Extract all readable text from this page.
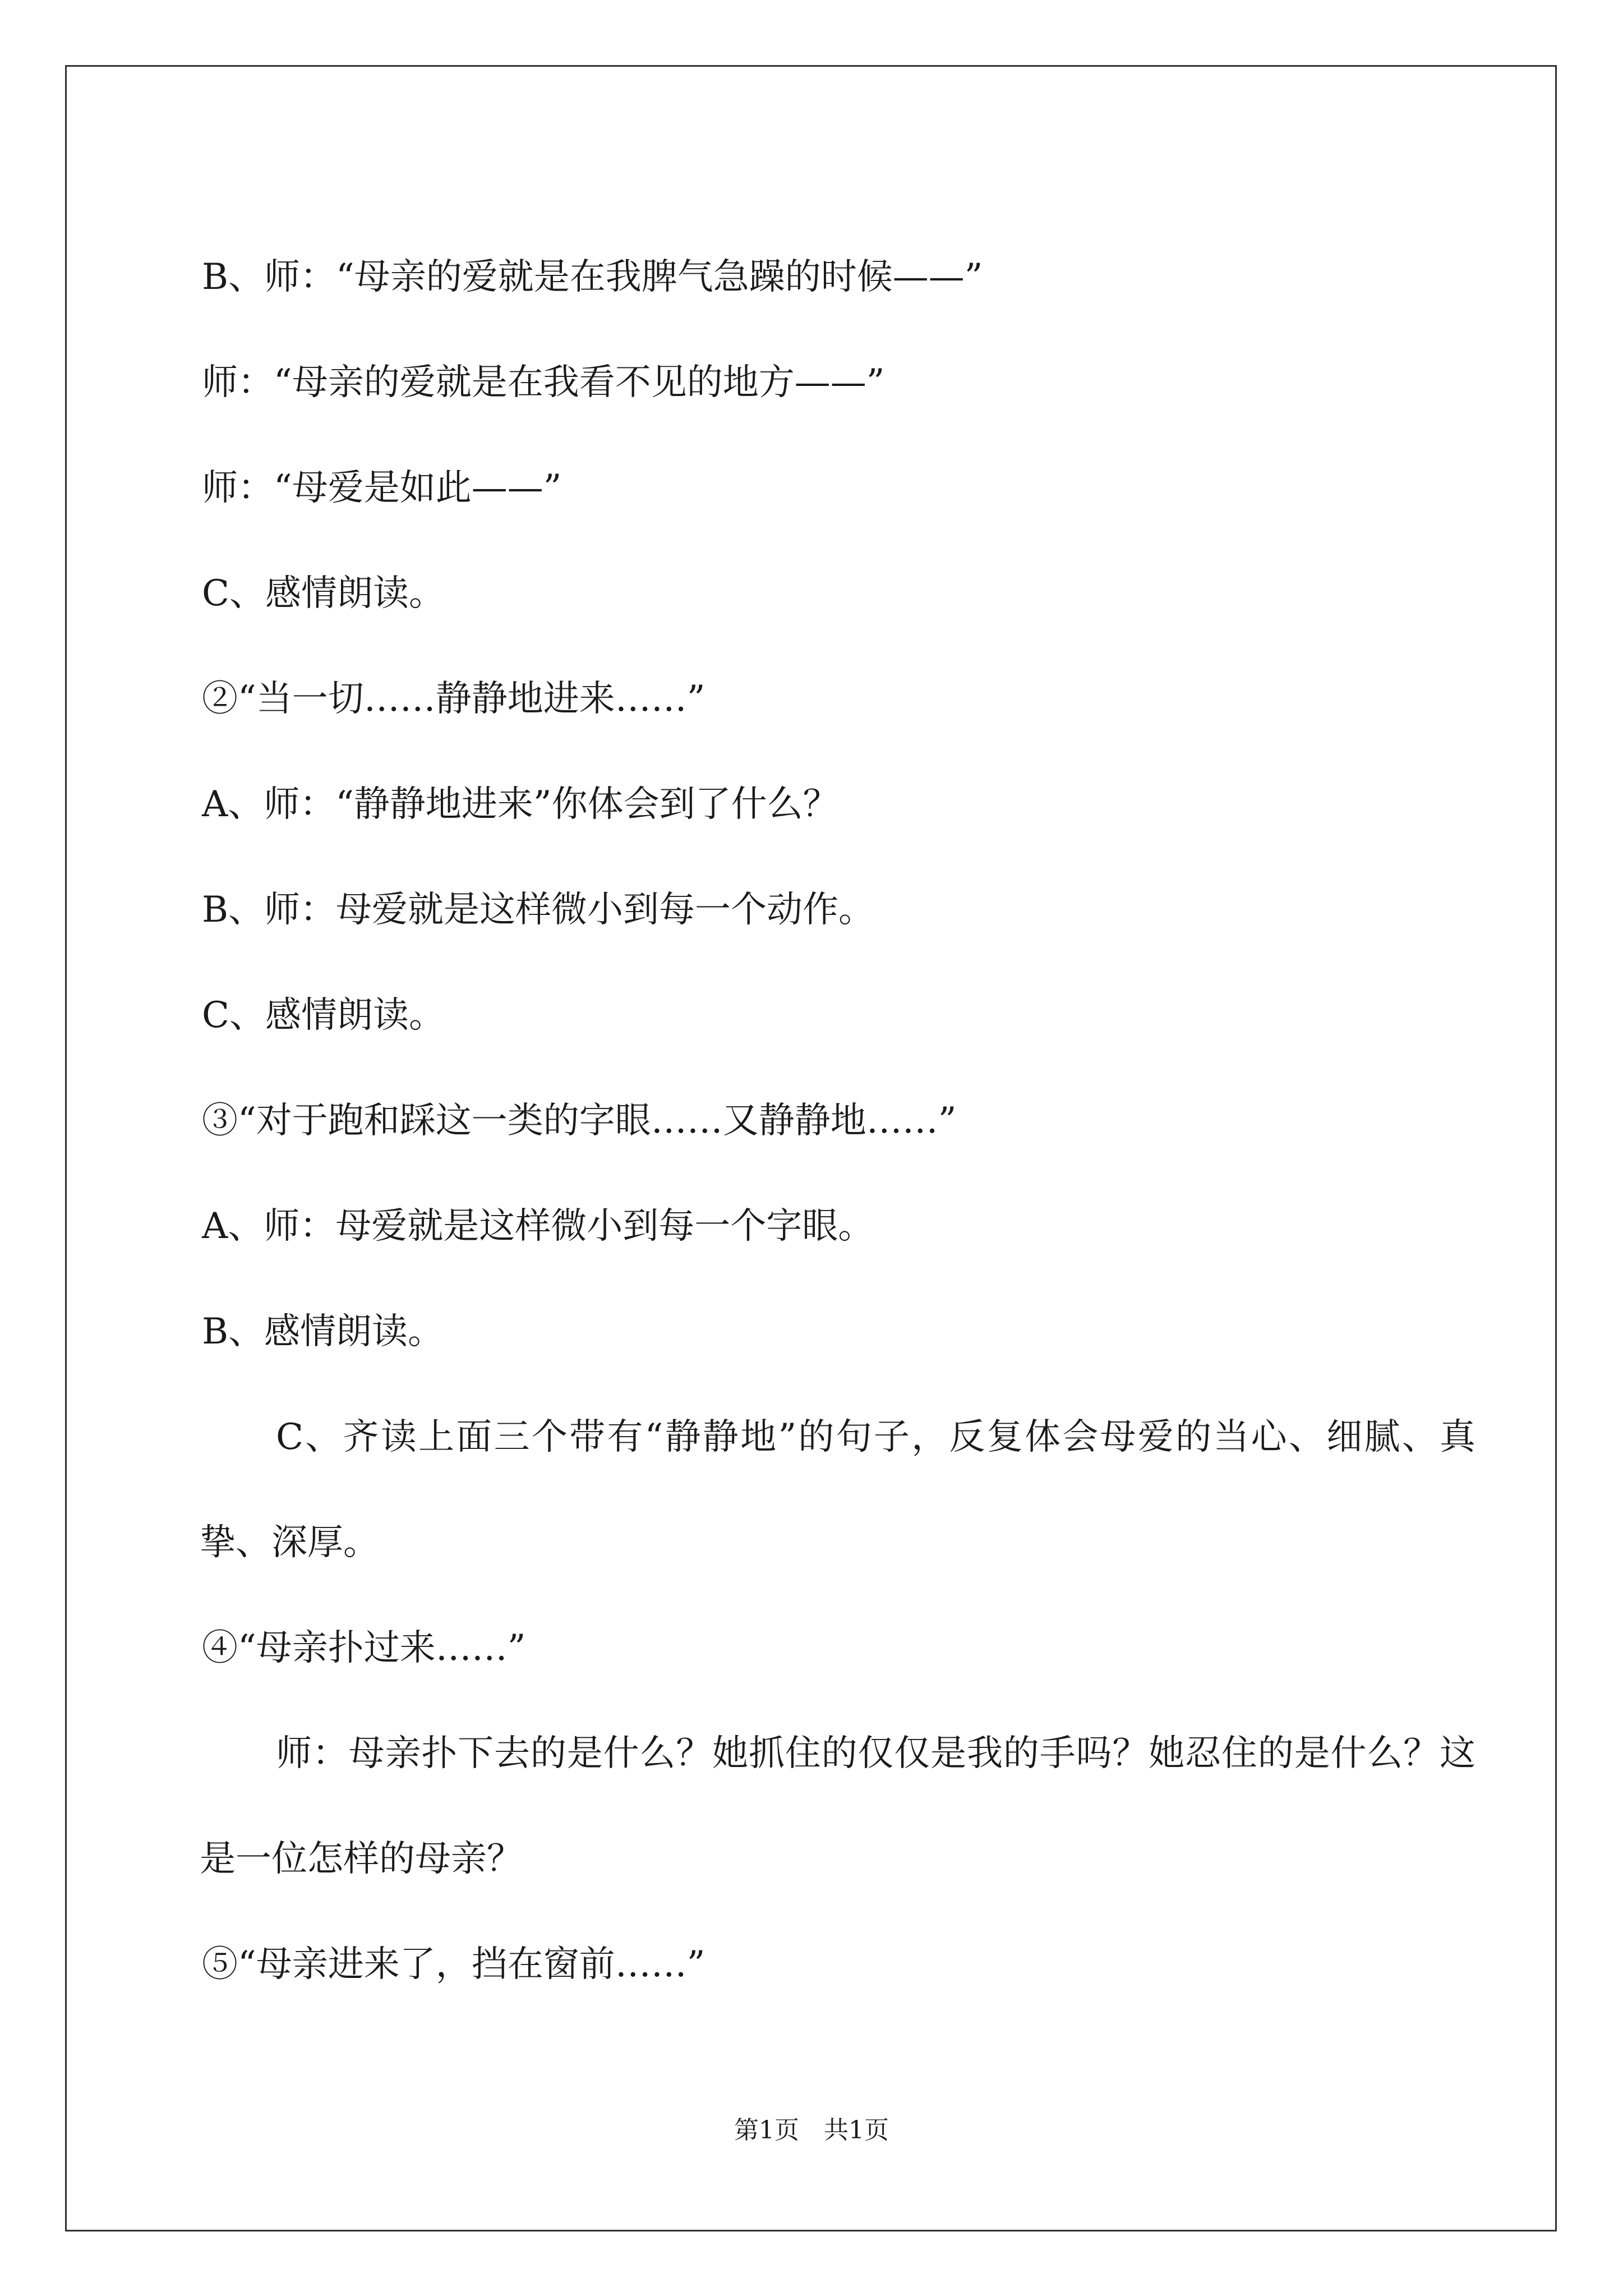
B、师：“母亲的爱就是在我脾气急躁的时候——”

师：“母亲的爱就是在我看不见的地方——”

师：“母爱是如此——”

C、感情朗读。

②“当一切……静静地进来……”

A、师：“静静地进来”你体会到了什么？

B、师：母爱就是这样微小到每一个动作。

C、感情朗读。

③“对于跑和踩这一类的字眼……又静静地……”

A、师：母爱就是这样微小到每一个字眼。

B、感情朗读。

C、齐读上面三个带有“静静地”的句子，反复体会母爱的当心、细腻、真挚、深厚。

④“母亲扑过来……”

师：母亲扑下去的是什么？她抓住的仅仅是我的手吗？她忍住的是什么？这是一位怎样的母亲？

⑤“母亲进来了，挡在窗前……”

第1页 共1页
